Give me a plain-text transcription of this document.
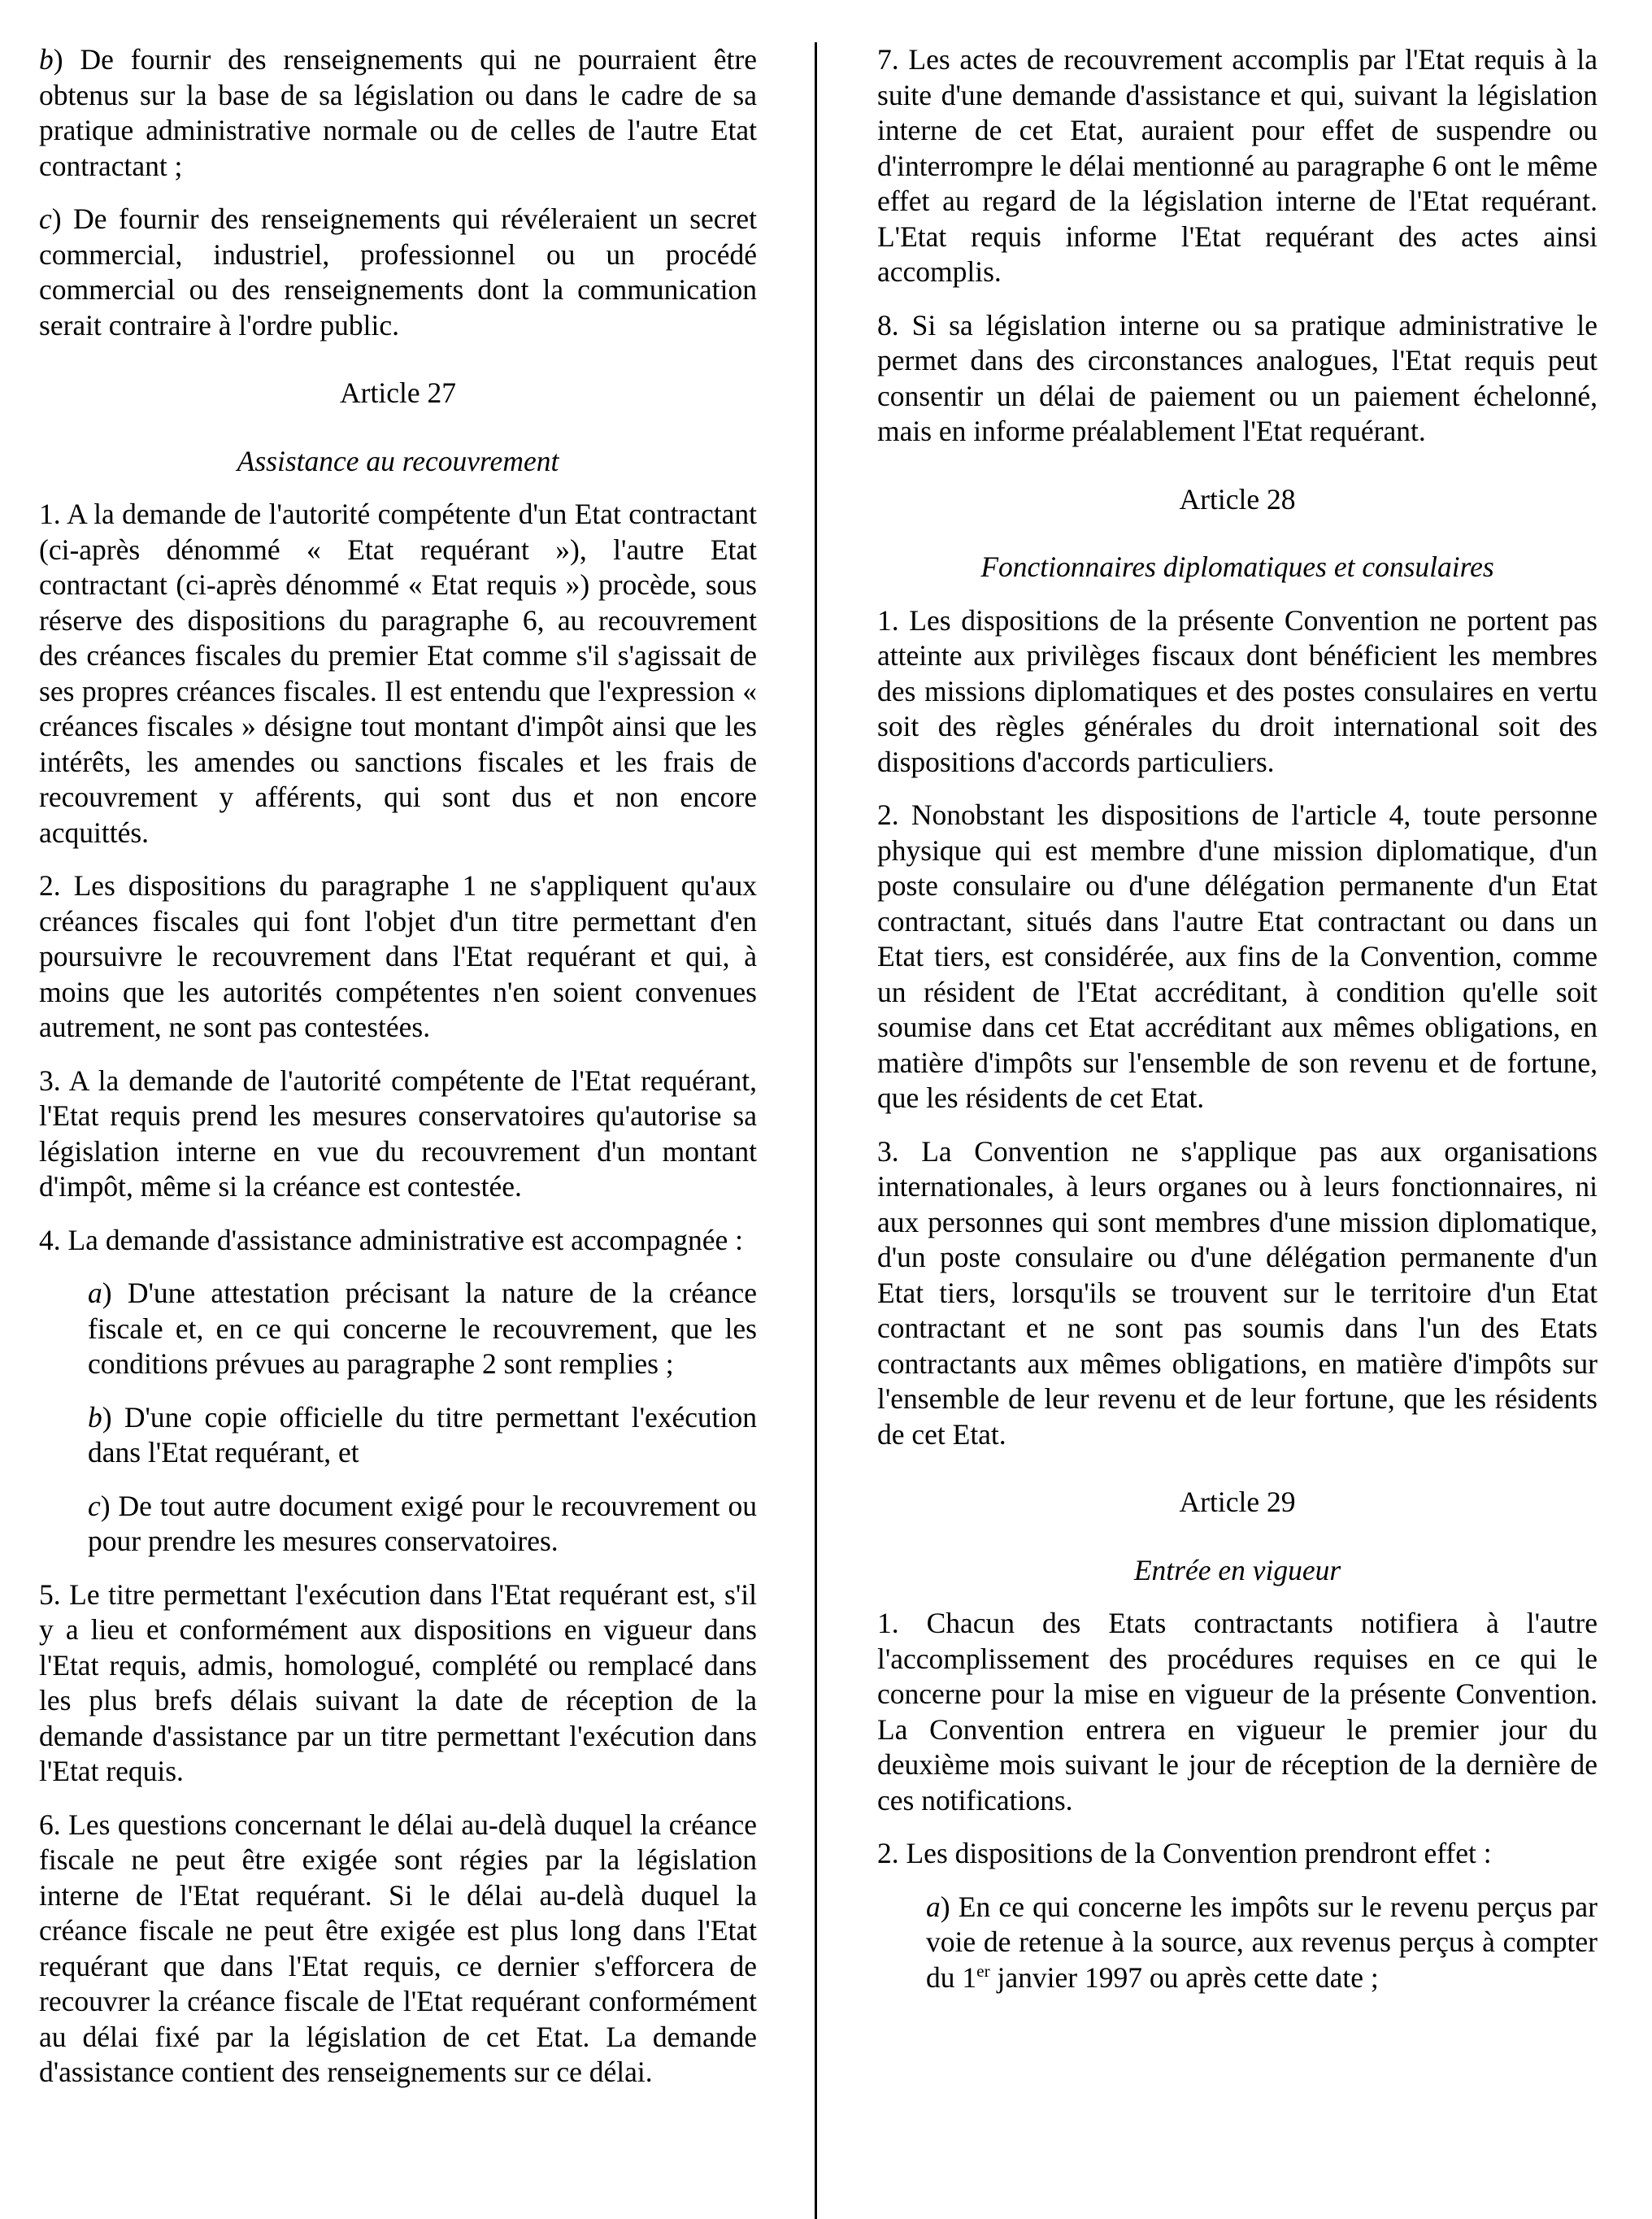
b) De fournir des renseignements qui ne pourraient être obtenus sur la base de sa législation ou dans le cadre de sa pratique administrative normale ou de celles de l'autre Etat contractant ;

c) De fournir des renseignements qui révéleraient un secret commercial, industriel, professionnel ou un procédé commercial ou des renseignements dont la communication serait contraire à l'ordre public.

Article 27

Assistance au recouvrement

1. A la demande de l'autorité compétente d'un Etat contractant (ci-après dénommé « Etat requérant »), l'autre Etat contractant (ci-après dénommé « Etat requis ») procède, sous réserve des dispositions du paragraphe 6, au recouvrement des créances fiscales du premier Etat comme s'il s'agissait de ses propres créances fiscales. Il est entendu que l'expression « créances fiscales » désigne tout montant d'impôt ainsi que les intérêts, les amendes ou sanctions fiscales et les frais de recouvrement y afférents, qui sont dus et non encore acquittés.

2. Les dispositions du paragraphe 1 ne s'appliquent qu'aux créances fiscales qui font l'objet d'un titre permettant d'en poursuivre le recouvrement dans l'Etat requérant et qui, à moins que les autorités compétentes n'en soient convenues autrement, ne sont pas contestées.

3. A la demande de l'autorité compétente de l'Etat requérant, l'Etat requis prend les mesures conservatoires qu'autorise sa législation interne en vue du recouvrement d'un montant d'impôt, même si la créance est contestée.

4. La demande d'assistance administrative est accompagnée :

a) D'une attestation précisant la nature de la créance fiscale et, en ce qui concerne le recouvrement, que les conditions prévues au paragraphe 2 sont remplies ;

b) D'une copie officielle du titre permettant l'exécution dans l'Etat requérant, et

c) De tout autre document exigé pour le recouvrement ou pour prendre les mesures conservatoires.

5. Le titre permettant l'exécution dans l'Etat requérant est, s'il y a lieu et conformément aux dispositions en vigueur dans l'Etat requis, admis, homologué, complété ou remplacé dans les plus brefs délais suivant la date de réception de la demande d'assistance par un titre permettant l'exécution dans l'Etat requis.

6. Les questions concernant le délai au-delà duquel la créance fiscale ne peut être exigée sont régies par la législation interne de l'Etat requérant. Si le délai au-delà duquel la créance fiscale ne peut être exigée est plus long dans l'Etat requérant que dans l'Etat requis, ce dernier s'efforcera de recouvrer la créance fiscale de l'Etat requérant conformément au délai fixé par la législation de cet Etat. La demande d'assistance contient des renseignements sur ce délai.

7. Les actes de recouvrement accomplis par l'Etat requis à la suite d'une demande d'assistance et qui, suivant la législation interne de cet Etat, auraient pour effet de suspendre ou d'interrompre le délai mentionné au paragraphe 6 ont le même effet au regard de la législation interne de l'Etat requérant. L'Etat requis informe l'Etat requérant des actes ainsi accomplis.

8. Si sa législation interne ou sa pratique administrative le permet dans des circonstances analogues, l'Etat requis peut consentir un délai de paiement ou un paiement échelonné, mais en informe préalablement l'Etat requérant.

Article 28

Fonctionnaires diplomatiques et consulaires

1. Les dispositions de la présente Convention ne portent pas atteinte aux privilèges fiscaux dont bénéficient les membres des missions diplomatiques et des postes consulaires en vertu soit des règles générales du droit international soit des dispositions d'accords particuliers.

2. Nonobstant les dispositions de l'article 4, toute personne physique qui est membre d'une mission diplomatique, d'un poste consulaire ou d'une délégation permanente d'un Etat contractant, situés dans l'autre Etat contractant ou dans un Etat tiers, est considérée, aux fins de la Convention, comme un résident de l'Etat accréditant, à condition qu'elle soit soumise dans cet Etat accréditant aux mêmes obligations, en matière d'impôts sur l'ensemble de son revenu et de fortune, que les résidents de cet Etat.

3. La Convention ne s'applique pas aux organisations internationales, à leurs organes ou à leurs fonctionnaires, ni aux personnes qui sont membres d'une mission diplomatique, d'un poste consulaire ou d'une délégation permanente d'un Etat tiers, lorsqu'ils se trouvent sur le territoire d'un Etat contractant et ne sont pas soumis dans l'un des Etats contractants aux mêmes obligations, en matière d'impôts sur l'ensemble de leur revenu et de leur fortune, que les résidents de cet Etat.

Article 29

Entrée en vigueur

1. Chacun des Etats contractants notifiera à l'autre l'accomplissement des procédures requises en ce qui le concerne pour la mise en vigueur de la présente Convention. La Convention entrera en vigueur le premier jour du deuxième mois suivant le jour de réception de la dernière de ces notifications.

2. Les dispositions de la Convention prendront effet :

a) En ce qui concerne les impôts sur le revenu perçus par voie de retenue à la source, aux revenus perçus à compter du 1er janvier 1997 ou après cette date ;
